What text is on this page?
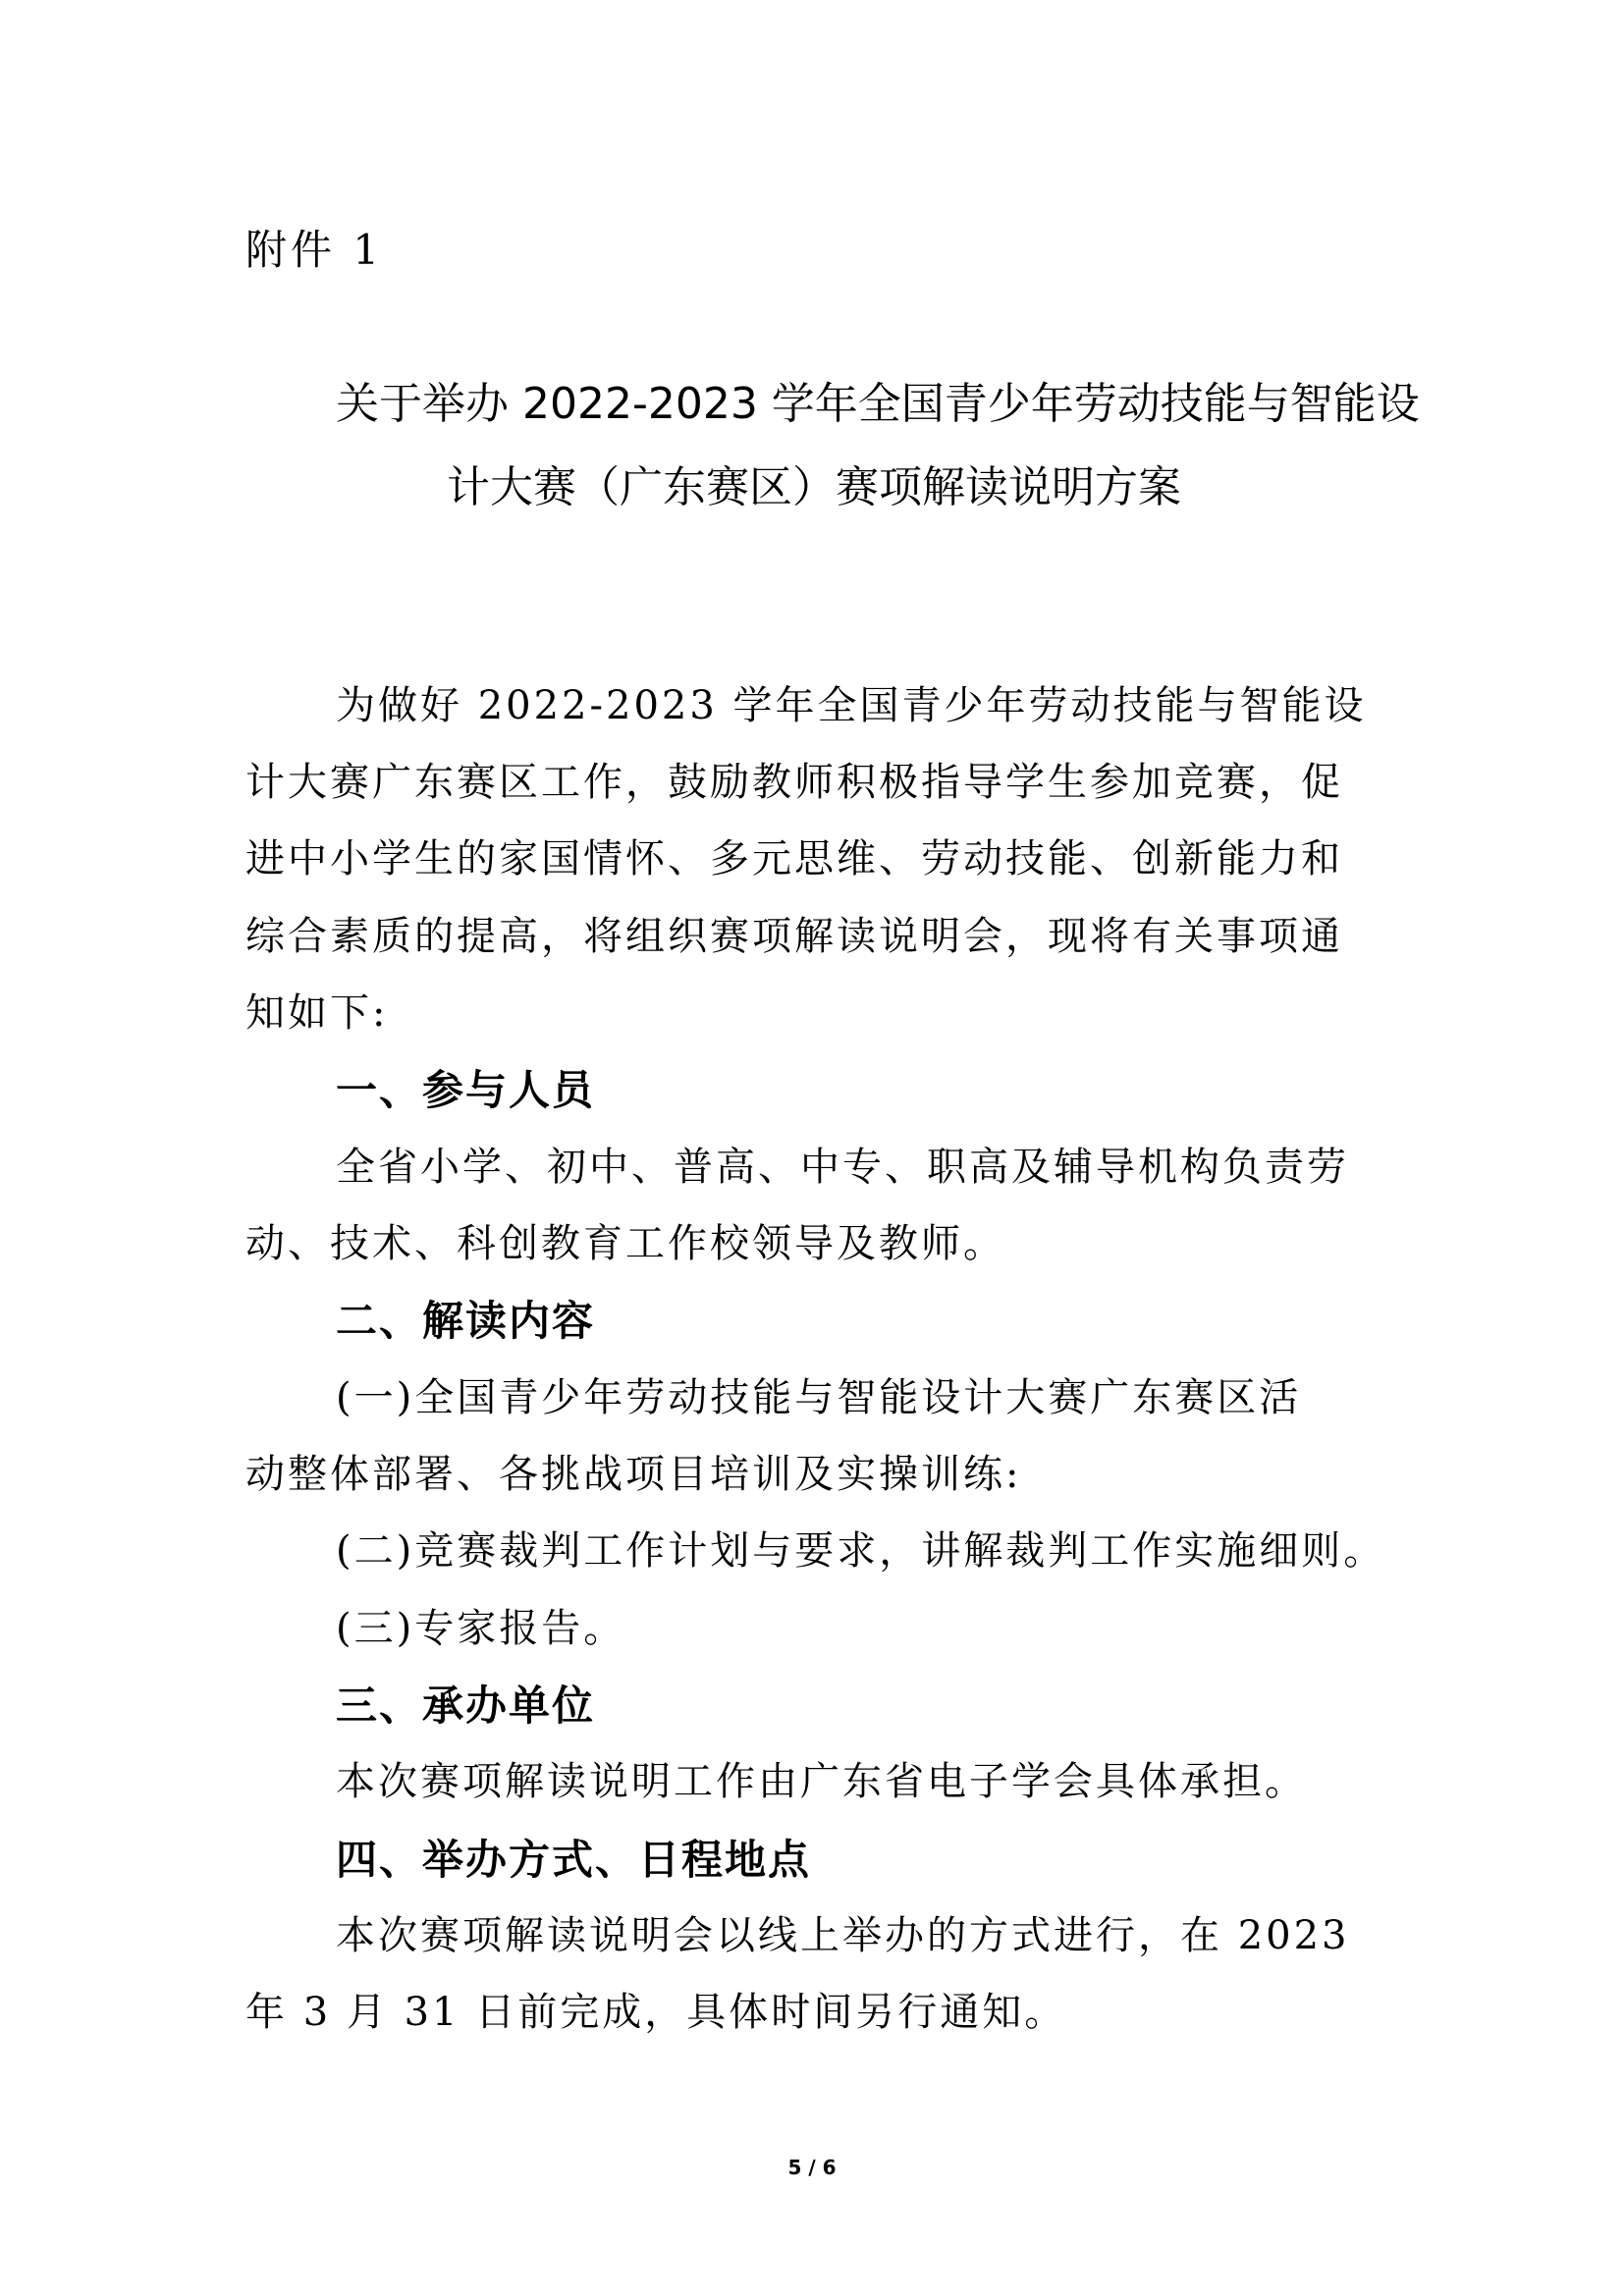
附件 1
关于举办 2022-2023 学年全国青少年劳动技能与智能设
计大赛（广东赛区）赛项解读说明方案
为做好 2022-2023 学年全国青少年劳动技能与智能设
计大赛广东赛区工作，鼓励教师积极指导学生参加竞赛，促
进中小学生的家国情怀、多元思维、劳动技能、创新能力和
综合素质的提高，将组织赛项解读说明会，现将有关事项通
知如下:
一、参与人员
全省小学、初中、普高、中专、职高及辅导机构负责劳
动、技术、科创教育工作校领导及教师。
二、解读内容
(一)全国青少年劳动技能与智能设计大赛广东赛区活
动整体部署、各挑战项目培训及实操训练:
(二)竞赛裁判工作计划与要求，讲解裁判工作实施细则。
(三)专家报告。
三、承办单位
本次赛项解读说明工作由广东省电子学会具体承担。
四、举办方式、日程地点
本次赛项解读说明会以线上举办的方式进行，在 2023
年 3 月 31 日前完成，具体时间另行通知。
5 / 6
